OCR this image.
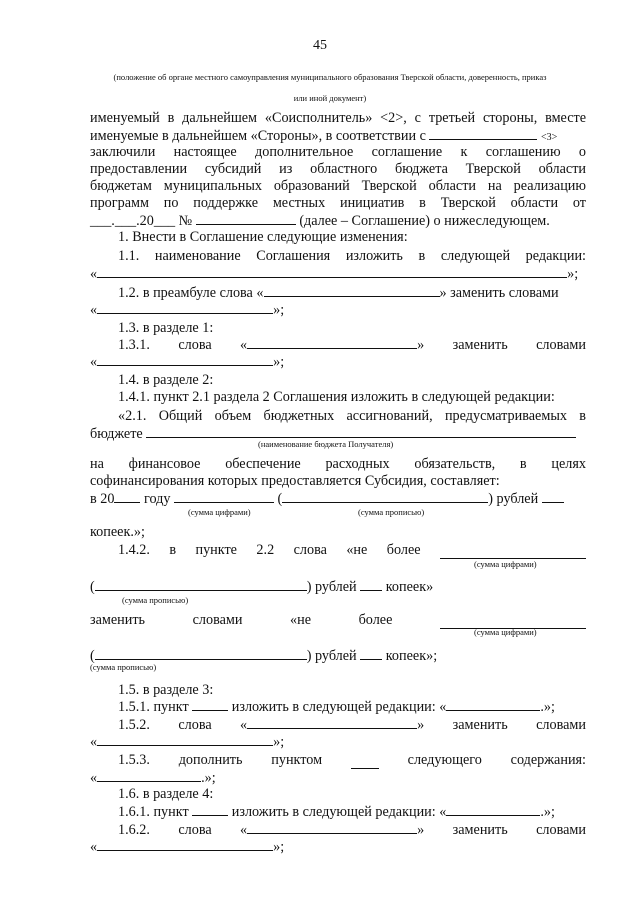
45
(положение об органе местного самоуправления муниципального образования Тверской области, доверенность, приказ
или иной документ)
именуемый в дальнейшем «Соисполнитель» <2>, с третьей стороны, вместе
именуемые в дальнейшем «Стороны», в соответствии с	<3>
заключили настоящее дополнительное соглашение к соглашению о
предоставлении субсидий из областного бюджета Тверской области
бюджетам муниципальных образований Тверской области на реализацию
программ по поддержке местных инициатив в Тверской области от
___.___.20___ №	(далее – Соглашение) о нижеследующем.
1. Внести в Соглашение следующие изменения:
1.1. наименование Соглашения изложить в следующей редакции:
«	»;
1.2. в преамбуле слова «	» заменить словами
«	»;
1.3. в разделе 1:
1.3.1. слова «	» заменить словами
«	»;
1.4. в разделе 2:
1.4.1. пункт 2.1 раздела 2 Соглашения изложить в следующей редакции:
«2.1. Общий объем бюджетных ассигнований, предусматриваемых в
бюджете
(наименование бюджета Получателя)
на финансовое обеспечение расходных обязательств, в целях
софинансирования которых предоставляется Субсидия, составляет:
в 20 году	(	) рублей
(сумма цифрами)	(сумма прописью)
копеек.»;
1.4.2. в пункте 2.2 слова «не более
(сумма цифрами)
(	) рублей копеек»
(сумма прописью)
заменить	словами	«не	более
(сумма цифрами)
(	) рублей копеек»;
(сумма прописью)
1.5. в разделе 3:
1.5.1. пункт	изложить в следующей редакции: «	.»;
1.5.2. слова «	» заменить словами
«	»;
1.5.3. дополнить пунктом	следующего содержания:
«	.»;
1.6. в разделе 4:
1.6.1. пункт	изложить в следующей редакции: «	.»;
1.6.2. слова «	» заменить словами
«	»;
